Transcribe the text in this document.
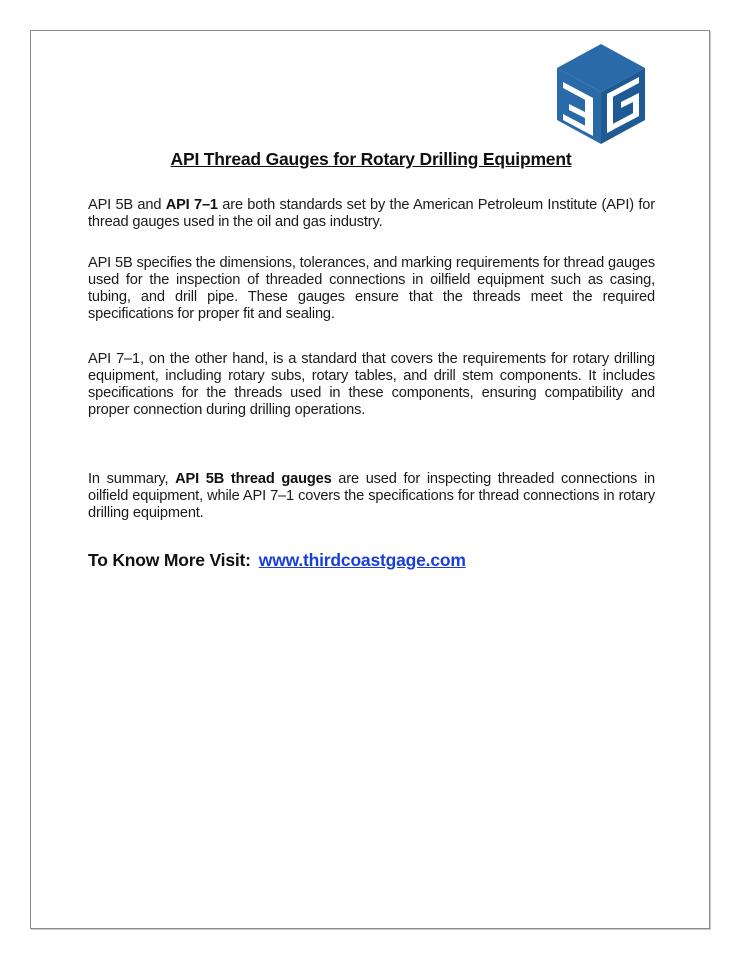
API Thread Gauges for Rotary Drilling Equipment

API 5B and API 7–1 are both standards set by the American Petroleum Institute (API) for thread gauges used in the oil and gas industry.

API 5B specifies the dimensions, tolerances, and marking requirements for thread gauges used for the inspection of threaded connections in oilfield equipment such as casing, tubing, and drill pipe. These gauges ensure that the threads meet the required specifications for proper fit and sealing.

API 7–1, on the other hand, is a standard that covers the requirements for rotary drilling equipment, including rotary subs, rotary tables, and drill stem components. It includes specifications for the threads used in these components, ensuring compatibility and proper connection during drilling operations.

In summary, API 5B thread gauges are used for inspecting threaded connections in oilfield equipment, while API 7–1 covers the specifications for thread connections in rotary drilling equipment.

To Know More Visit: www.thirdcoastgage.com
